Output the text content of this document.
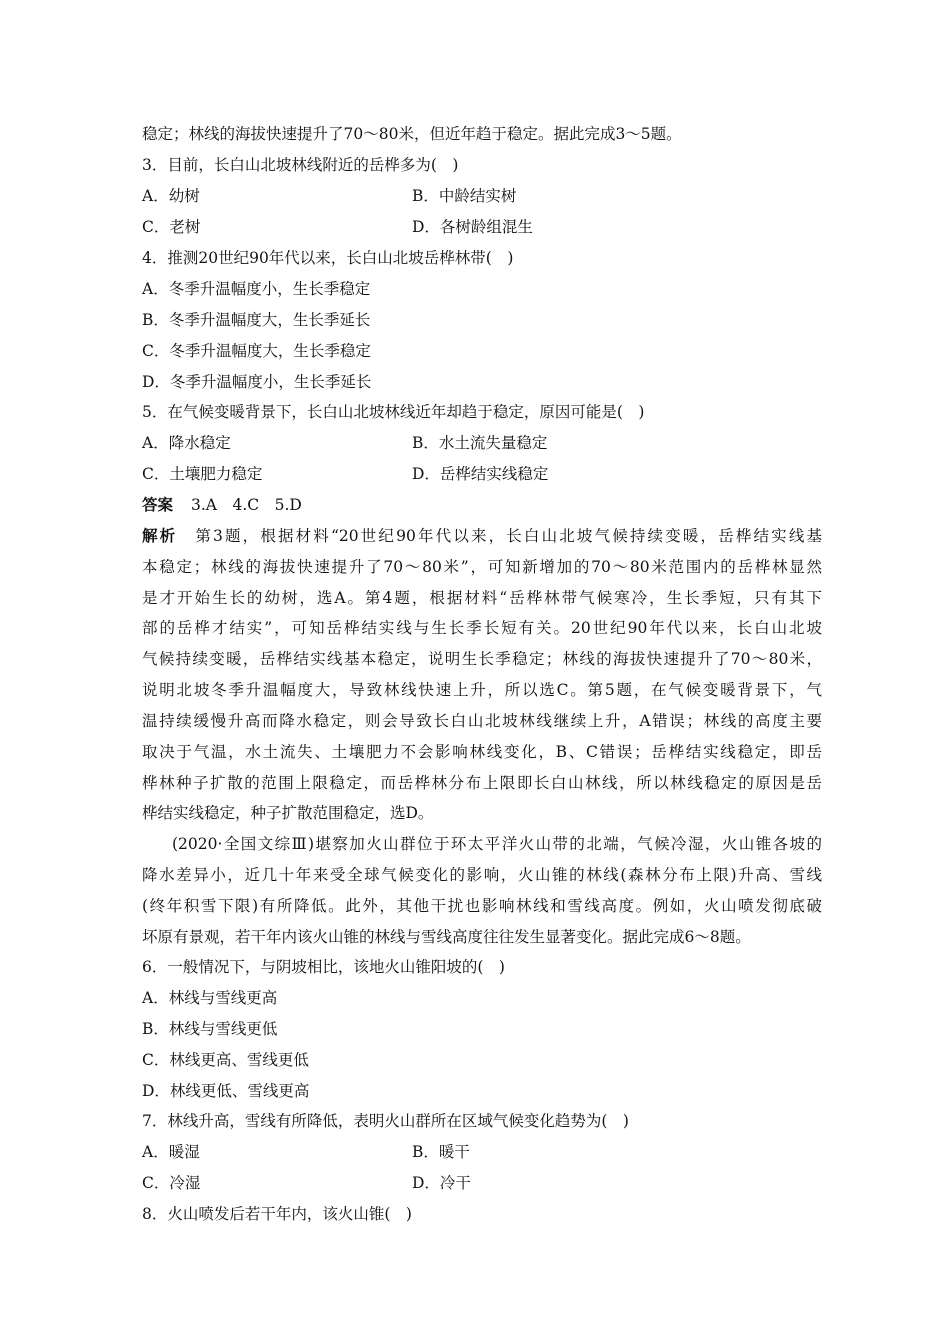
稳定；林线的海拔快速提升了70～80米，但近年趋于稳定。据此完成3～5题。
3．目前，长白山北坡林线附近的岳桦多为(　)
A．幼树	B．中龄结实树
C．老树	D．各树龄组混生
4．推测20世纪90年代以来，长白山北坡岳桦林带(　)
A．冬季升温幅度小，生长季稳定
B．冬季升温幅度大，生长季延长
C．冬季升温幅度大，生长季稳定
D．冬季升温幅度小，生长季延长
5．在气候变暖背景下，长白山北坡林线近年却趋于稳定，原因可能是(　)
A．降水稳定	B．水土流失量稳定
C．土壤肥力稳定	D．岳桦结实线稳定
答案 3.A　4.C　5.D
解析 第3题，根据材料“20世纪90年代以来，长白山北坡气候持续变暖，岳桦结实线基
本稳定；林线的海拔快速提升了70～80米”，可知新增加的70～80米范围内的岳桦林显然
是才开始生长的幼树，选A。第4题，根据材料“岳桦林带气候寒冷，生长季短，只有其下
部的岳桦才结实”，可知岳桦结实线与生长季长短有关。20世纪90年代以来，长白山北坡
气候持续变暖，岳桦结实线基本稳定，说明生长季稳定；林线的海拔快速提升了70～80米，
说明北坡冬季升温幅度大，导致林线快速上升，所以选C。第5题，在气候变暖背景下，气
温持续缓慢升高而降水稳定，则会导致长白山北坡林线继续上升，A错误；林线的高度主要
取决于气温，水土流失、土壤肥力不会影响林线变化，B、C错误；岳桦结实线稳定，即岳
桦林种子扩散的范围上限稳定，而岳桦林分布上限即长白山林线，所以林线稳定的原因是岳
桦结实线稳定，种子扩散范围稳定，选D。
(2020·全国文综Ⅲ)堪察加火山群位于环太平洋火山带的北端，气候冷湿，火山锥各坡的
降水差异小，近几十年来受全球气候变化的影响，火山锥的林线(森林分布上限)升高、雪线
(终年积雪下限)有所降低。此外，其他干扰也影响林线和雪线高度。例如，火山喷发彻底破
坏原有景观，若干年内该火山锥的林线与雪线高度往往发生显著变化。据此完成6～8题。
6．一般情况下，与阴坡相比，该地火山锥阳坡的(　)
A．林线与雪线更高
B．林线与雪线更低
C．林线更高、雪线更低
D．林线更低、雪线更高
7．林线升高，雪线有所降低，表明火山群所在区域气候变化趋势为(　)
A．暖湿	B．暖干
C．冷湿	D．冷干
8．火山喷发后若干年内，该火山锥(　)
